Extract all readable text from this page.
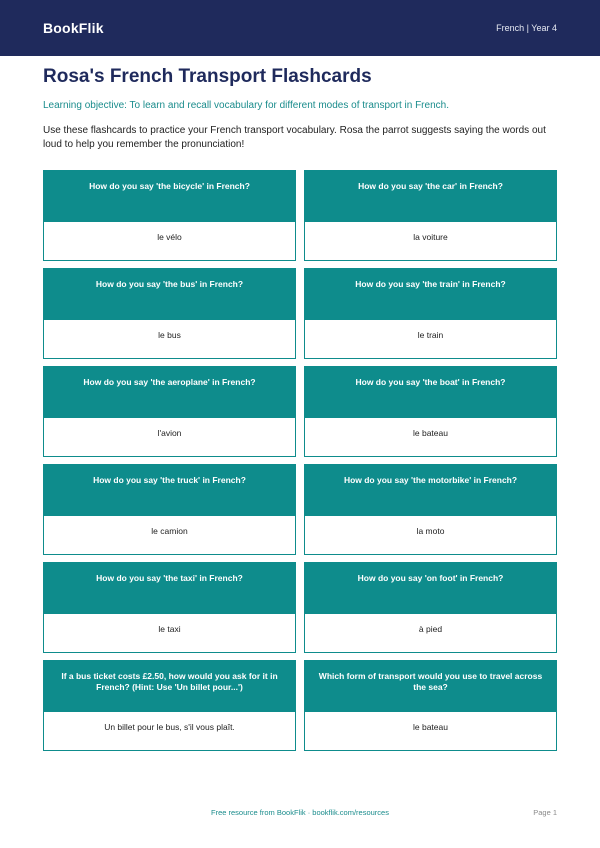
BookFlik	French | Year 4
Rosa's French Transport Flashcards

Learning objective: To learn and recall vocabulary for different modes of transport in French.

Use these flashcards to practice your French transport vocabulary. Rosa the parrot suggests saying the words out loud to help you remember the pronunciation!

How do you say 'the bicycle' in French?
le vélo
How do you say 'the car' in French?
la voiture
How do you say 'the bus' in French?
le bus
How do you say 'the train' in French?
le train
How do you say 'the aeroplane' in French?
l'avion
How do you say 'the boat' in French?
le bateau
How do you say 'the truck' in French?
le camion
How do you say 'the motorbike' in French?
la moto
How do you say 'the taxi' in French?
le taxi
How do you say 'on foot' in French?
à pied
If a bus ticket costs £2.50, how would you ask for it in French? (Hint: Use 'Un billet pour...')
Un billet pour le bus, s'il vous plaît.
Which form of transport would you use to travel across the sea?
le bateau
Free resource from BookFlik · bookflik.com/resources	Page 1
